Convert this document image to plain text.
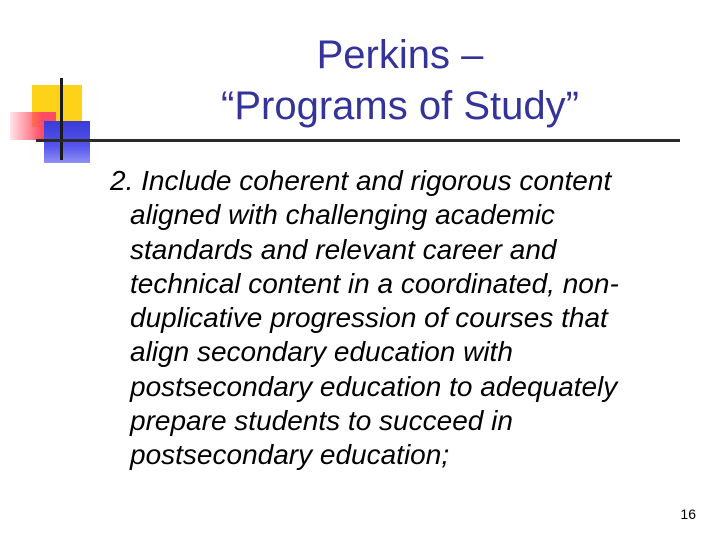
Perkins –
“Programs of Study”
2. Include coherent and rigorous content
aligned with challenging academic
standards and relevant career and
technical content in a coordinated, non-
duplicative progression of courses that
align secondary education with
postsecondary education to adequately
prepare students to succeed in
postsecondary education;
16
